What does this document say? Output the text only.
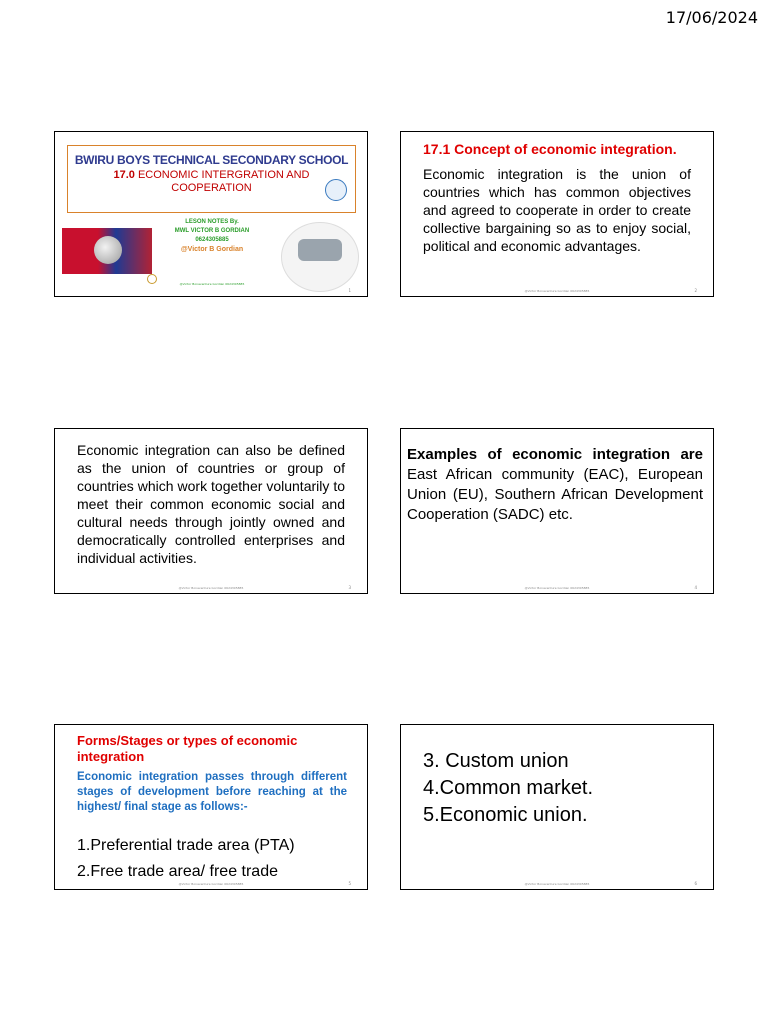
17/06/2024
BWIRU BOYS TECHNICAL SECONDARY SCHOOL
17.0 ECONOMIC INTERGRATION AND
COOPERATION
LESON NOTES By.
MWL VICTOR B GORDIAN
0624305885
@Victor B Gordian
@Victor Bonaventure Gordian 0624305885
1
17.1 Concept of economic integration.
Economic integration is the union of countries which has common objectives and agreed to cooperate in order to create collective bargaining so as to enjoy social, political and economic advantages.
@Victor Bonaventure Gordian 0624305885	2
Economic integration can also be defined as the union of countries or group of countries which work together voluntarily to meet their common economic social and cultural needs through jointly owned and democratically controlled enterprises and individual activities.
@Victor Bonaventure Gordian 0624305885	3
Examples of economic integration are East African community (EAC), European Union (EU), Southern African Development Cooperation (SADC) etc.
@Victor Bonaventure Gordian 0624305885	4
Forms/Stages or types of economic integration
Economic integration passes through different stages of development before reaching at the highest/ final stage as follows:-
1.Preferential trade area (PTA)
2.Free trade area/ free trade
@Victor Bonaventure Gordian 0624305885	5
3. Custom union
4.Common market.
5.Economic union.
@Victor Bonaventure Gordian 0624305885	6
